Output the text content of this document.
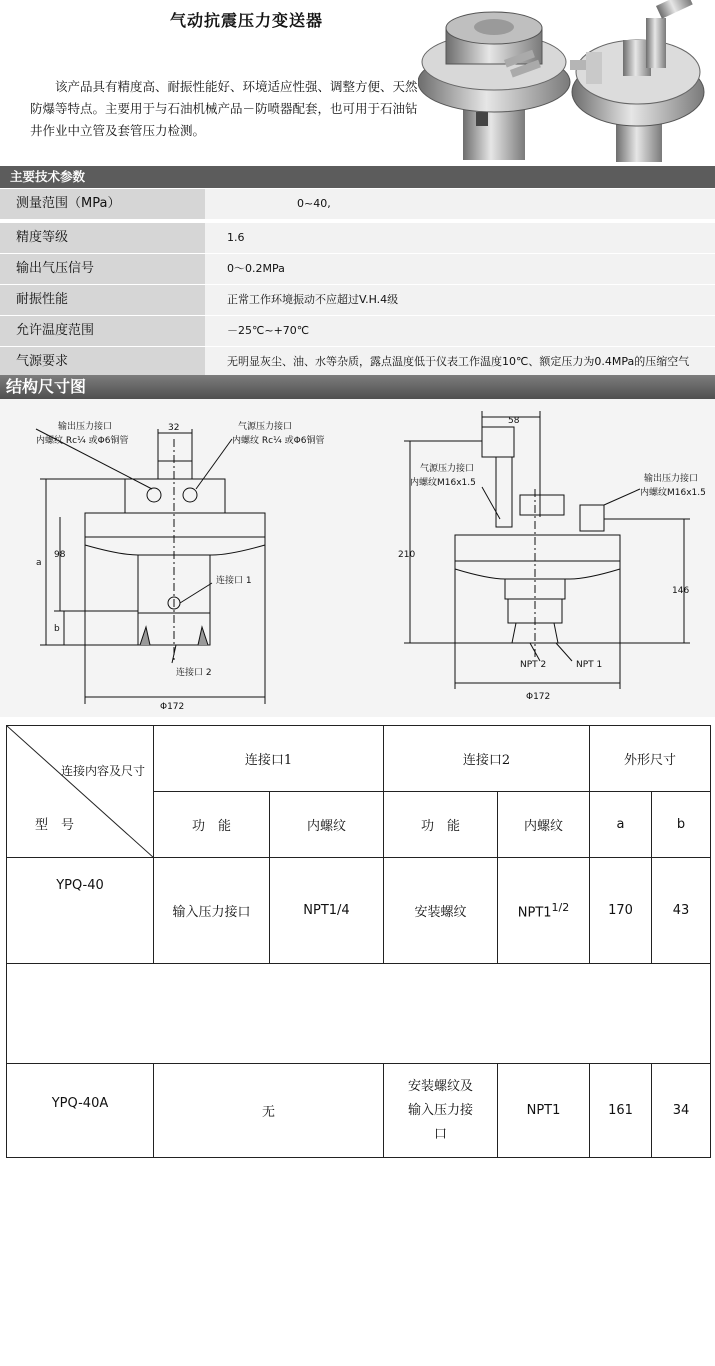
气动抗震压力变送器
该产品具有精度高、耐振性能好、环境适应性强、调整方便、天然防爆等特点。主要用于与石油机械产品－防喷器配套，也可用于石油钻井作业中立管及套管压力检测。
主要技术参数
测量范围（MPa）	0~40,
精度等级	1.6
输出气压信号	0～0.2MPa
耐振性能	正常工作环境振动不应超过V.H.4级
允许温度范围	－25℃~+70℃
气源要求	无明显灰尘、油、水等杂质，露点温度低于仪表工作温度10℃、额定压力为0.4MPa的压缩空气
结构尺寸图
输出压力接口
内螺纹 Rc¼ 或Φ6铜管
气源压力接口
内螺纹 Rc¼ 或Φ6铜管
32
a
98
b
连接口 1
连接口 2
Φ172
58
气源压力接口
内螺纹M16x1.5	输出压力接口
内螺纹M16x1.5
210
146
NPT 2	NPT 1
Φ172
连接内容及尺寸
型　号	连接口1		连接口2		外形尺寸	
	功　能	内螺纹	功　能	内螺纹	a	b
YPQ-40	输入压力接口	NPT1/4	安装螺纹	$NPT1^{1/2}$	170	43

YPQ-40A	无		安装螺纹及输入压力接口	NPT1	161	34
